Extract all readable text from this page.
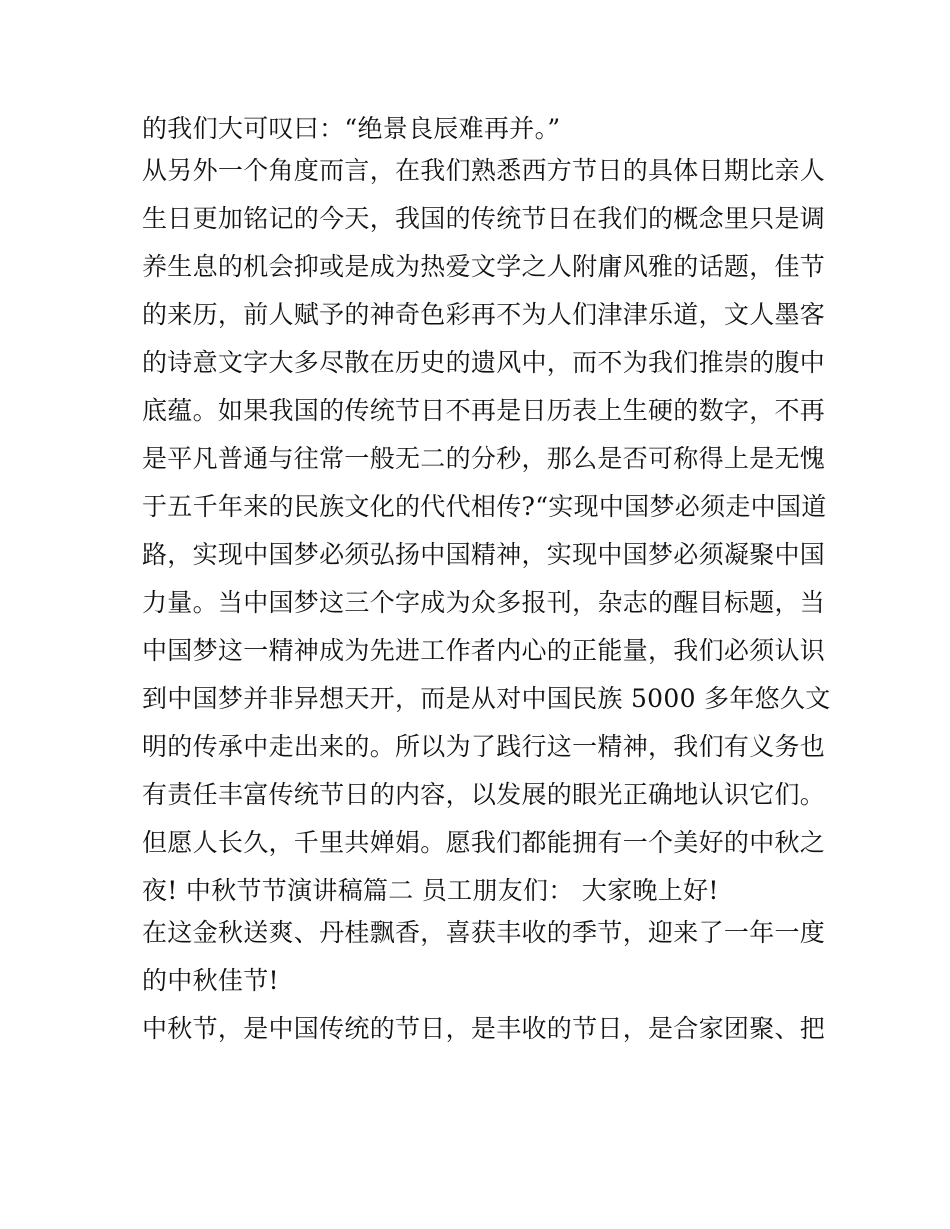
的我们大可叹曰：“绝景良辰难再并。”
从另外一个角度而言，在我们熟悉西方节日的具体日期比亲人
生日更加铭记的今天，我国的传统节日在我们的概念里只是调
养生息的机会抑或是成为热爱文学之人附庸风雅的话题，佳节
的来历，前人赋予的神奇色彩再不为人们津津乐道，文人墨客
的诗意文字大多尽散在历史的遗风中，而不为我们推崇的腹中
底蕴。如果我国的传统节日不再是日历表上生硬的数字，不再
是平凡普通与往常一般无二的分秒，那么是否可称得上是无愧
于五千年来的民族文化的代代相传?“实现中国梦必须走中国道
路，实现中国梦必须弘扬中国精神，实现中国梦必须凝聚中国
力量。当中国梦这三个字成为众多报刊，杂志的醒目标题，当
中国梦这一精神成为先进工作者内心的正能量，我们必须认识
到中国梦并非异想天开，而是从对中国民族 5000 多年悠久文
明的传承中走出来的。所以为了践行这一精神，我们有义务也
有责任丰富传统节日的内容，以发展的眼光正确地认识它们。
但愿人长久，千里共婵娟。愿我们都能拥有一个美好的中秋之
夜! 中秋节节演讲稿篇二 员工朋友们： 大家晚上好!
在这金秋送爽、丹桂飘香，喜获丰收的季节，迎来了一年一度
的中秋佳节!
中秋节，是中国传统的节日，是丰收的节日，是合家团聚、把
